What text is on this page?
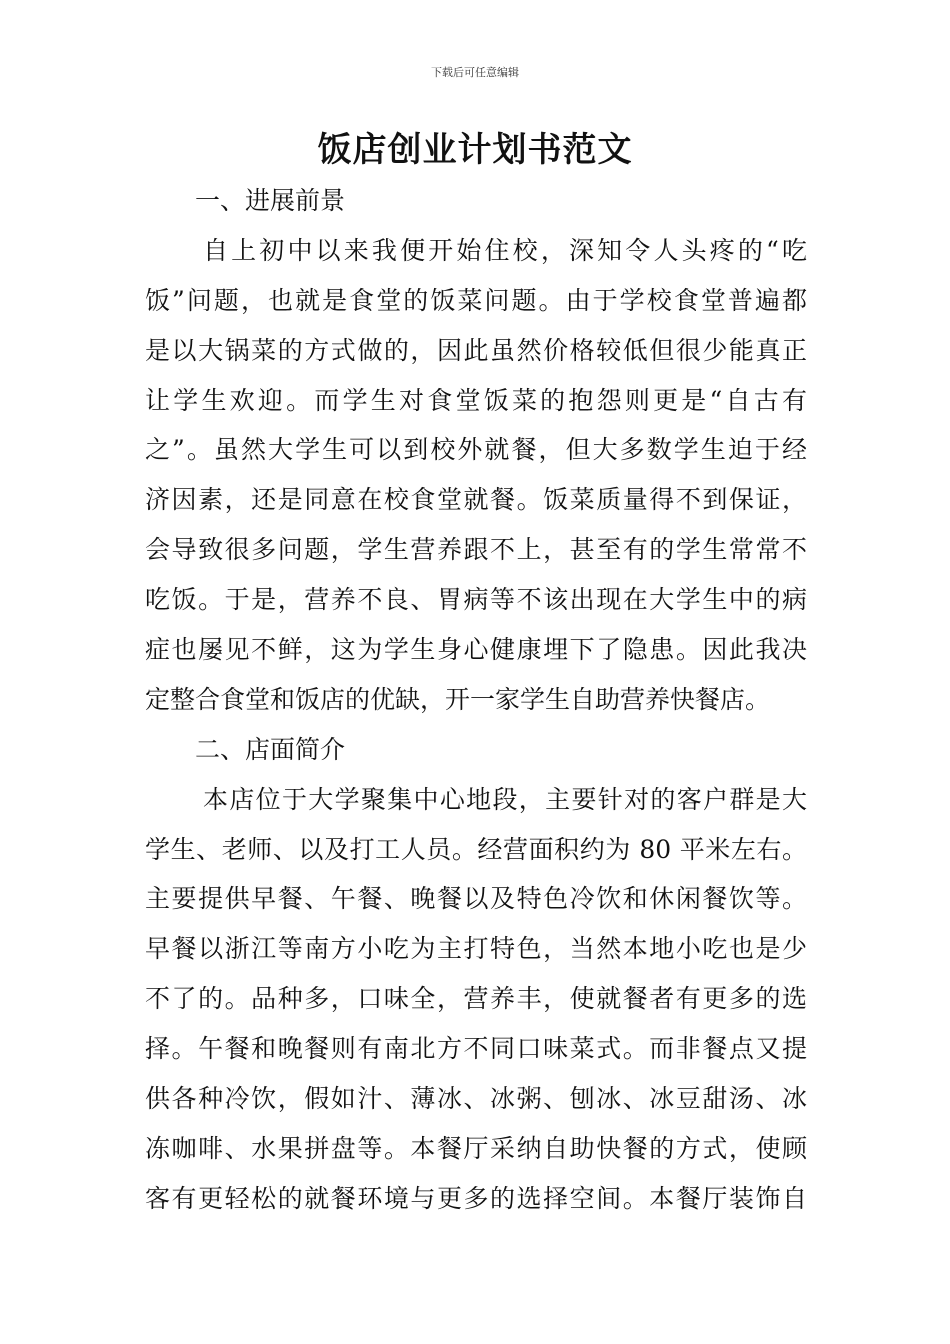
下载后可任意编辑
饭店创业计划书范文
一、进展前景
自上初中以来我便开始住校，深知令人头疼的“吃
饭”问题，也就是食堂的饭菜问题。由于学校食堂普遍都
是以大锅菜的方式做的，因此虽然价格较低但很少能真正
让学生欢迎。而学生对食堂饭菜的抱怨则更是“自古有
之”。虽然大学生可以到校外就餐，但大多数学生迫于经
济因素，还是同意在校食堂就餐。饭菜质量得不到保证，
会导致很多问题，学生营养跟不上，甚至有的学生常常不
吃饭。于是，营养不良、胃病等不该出现在大学生中的病
症也屡见不鲜，这为学生身心健康埋下了隐患。因此我决
定整合食堂和饭店的优缺，开一家学生自助营养快餐店。
二、店面简介
本店位于大学聚集中心地段，主要针对的客户群是大
学生、老师、以及打工人员。经营面积约为 80 平米左右。
主要提供早餐、午餐、晚餐以及特色冷饮和休闲餐饮等。
早餐以浙江等南方小吃为主打特色，当然本地小吃也是少
不了的。品种多，口味全，营养丰，使就餐者有更多的选
择。午餐和晚餐则有南北方不同口味菜式。而非餐点又提
供各种冷饮，假如汁、薄冰、冰粥、刨冰、冰豆甜汤、冰
冻咖啡、水果拼盘等。本餐厅采纳自助快餐的方式，使顾
客有更轻松的就餐环境与更多的选择空间。本餐厅装饰自
